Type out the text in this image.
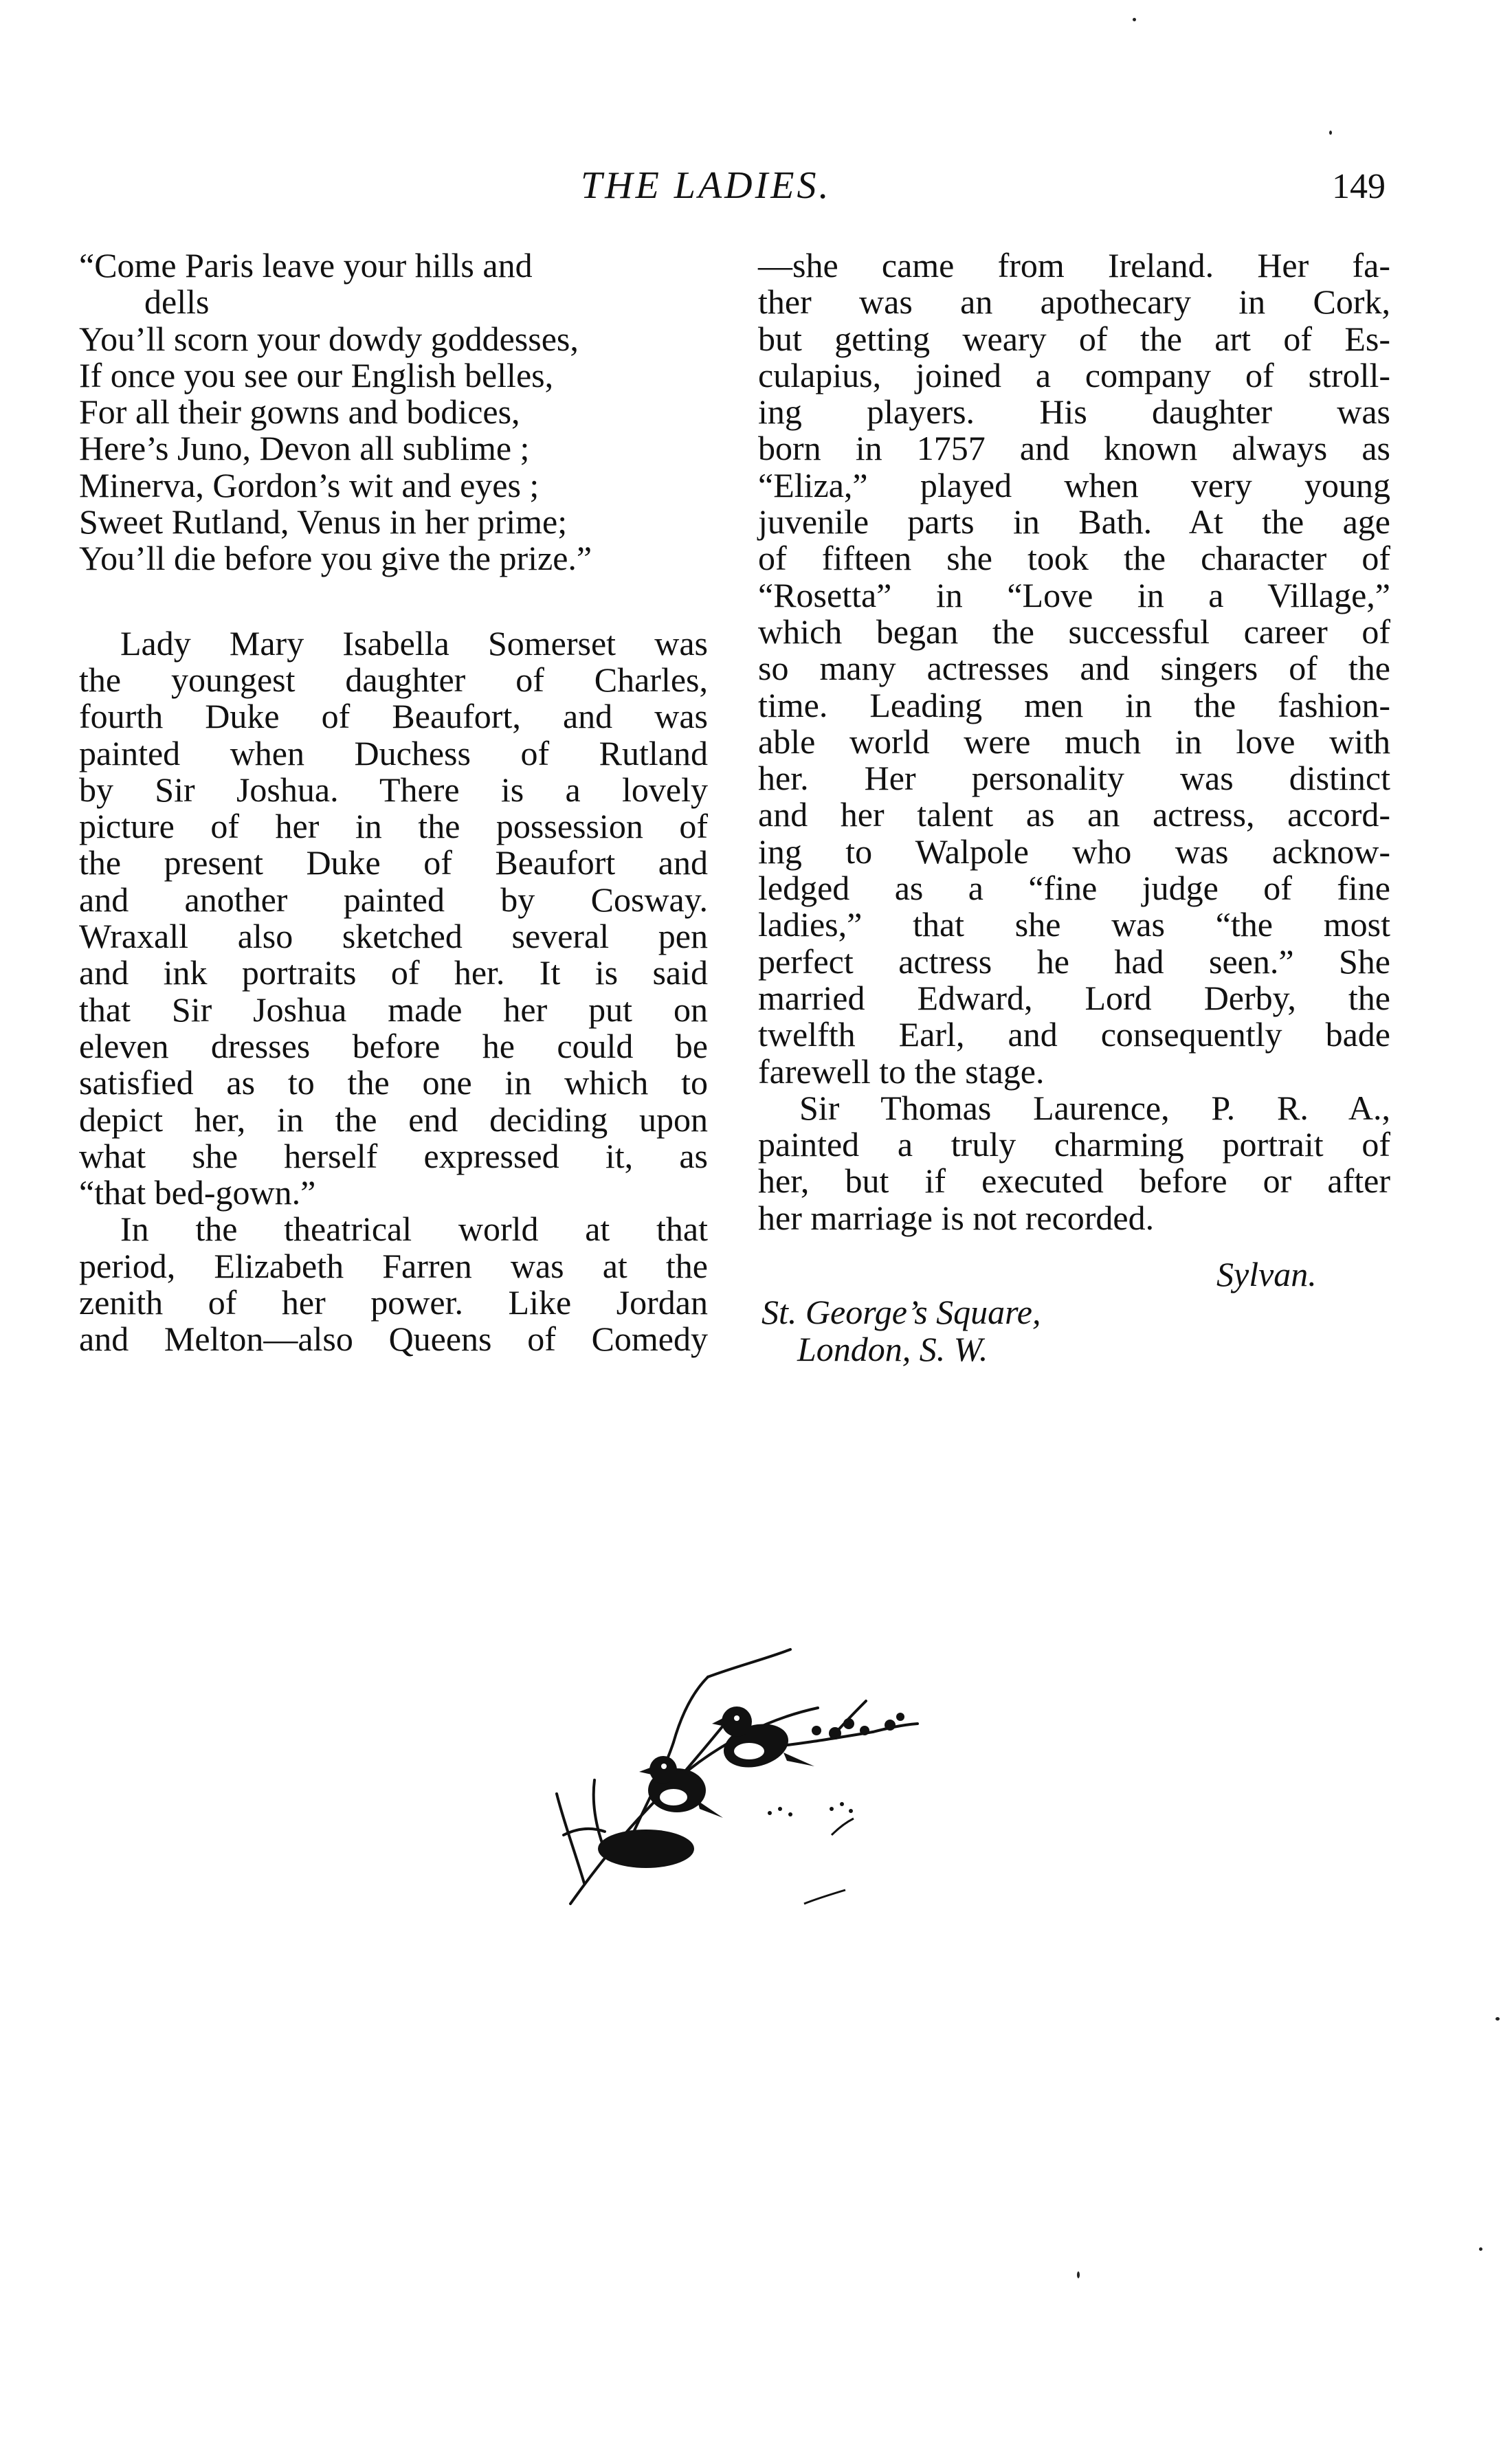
THE LADIES.	149
“Come Paris leave your hills and
dells
You’ll scorn your dowdy goddesses,
If once you see our English belles,
For all their gowns and bodices,
Here’s Juno, Devon all sublime ;
Minerva, Gordon’s wit and eyes ;
Sweet Rutland, Venus in her prime;
You’ll die before you give the prize.”
Lady Mary Isabella Somerset was
the youngest daughter of Charles,
fourth Duke of Beaufort, and was
painted when Duchess of Rutland
by Sir Joshua. There is a lovely
picture of her in the possession of
the present Duke of Beaufort and
and another painted by Cosway.
Wraxall also sketched several pen
and ink portraits of her. It is said
that Sir Joshua made her put on
eleven dresses before he could be
satisfied as to the one in which to
depict her, in the end deciding upon
what she herself expressed it, as
“that bed-gown.”
In the theatrical world at that
period, Elizabeth Farren was at the
zenith of her power. Like Jordan
and Melton—also Queens of Comedy
—she came from Ireland. Her fa-
ther was an apothecary in Cork,
but getting weary of the art of Es-
culapius, joined a company of stroll-
ing players. His daughter was
born in 1757 and known always as
“Eliza,” played when very young
juvenile parts in Bath. At the age
of fifteen she took the character of
“Rosetta” in “Love in a Village,”
which began the successful career of
so many actresses and singers of the
time. Leading men in the fashion-
able world were much in love with
her. Her personality was distinct
and her talent as an actress, accord-
ing to Walpole who was acknow-
ledged as a “fine judge of fine
ladies,” that she was “the most
perfect actress he had seen.” She
married Edward, Lord Derby, the
twelfth Earl, and consequently bade
farewell to the stage.
Sir Thomas Laurence, P. R. A.,
painted a truly charming portrait of
her, but if executed before or after
her marriage is not recorded.
Sylvan.
St. George’s Square,
London, S. W.
